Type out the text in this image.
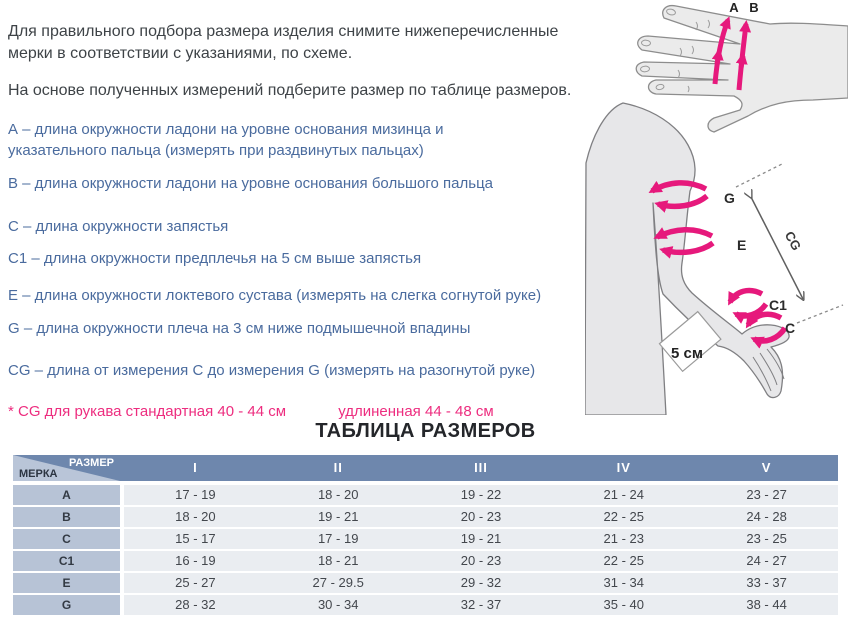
Для правильного подбора размера изделия снимите нижеперечисленные мерки в соответствии с указаниями, по схеме.

На основе полученных измерений подберите размер по таблице размеров.

А – длина окружности ладони на уровне основания мизинца и указательного пальца (измерять при раздвинутых пальцах)

В – длина окружности ладони на уровне основания большого пальца

С – длина окружности запястья

С1 – длина окружности предплечья на 5 см выше запястья

Е – длина окружности локтевого сустава (измерять на слегка согнутой руке)

G – длина окружности плеча на 3 см ниже подмышечной впадины

CG – длина от измерения С до измерения G (измерять на разогнутой руке)

* CG для рукава стандартная 40 - 44 см	удлиненная 44 - 48 см

A B
G
E
C1
C
CG
5 см
ТАБЛИЦА РАЗМЕРОВ
РАЗМЕР
МЕРКА	I	II	III	IV	V
А	17 - 19	18 - 20	19 - 22	21 - 24	23 - 27
В	18 - 20	19 - 21	20 - 23	22 - 25	24 - 28
С	15 - 17	17 - 19	19 - 21	21 - 23	23 - 25
С1	16 - 19	18 - 21	20 - 23	22 - 25	24 - 27
Е	25 - 27	27 - 29.5	29 - 32	31 - 34	33 - 37
G	28 - 32	30 - 34	32 - 37	35 - 40	38 - 44
